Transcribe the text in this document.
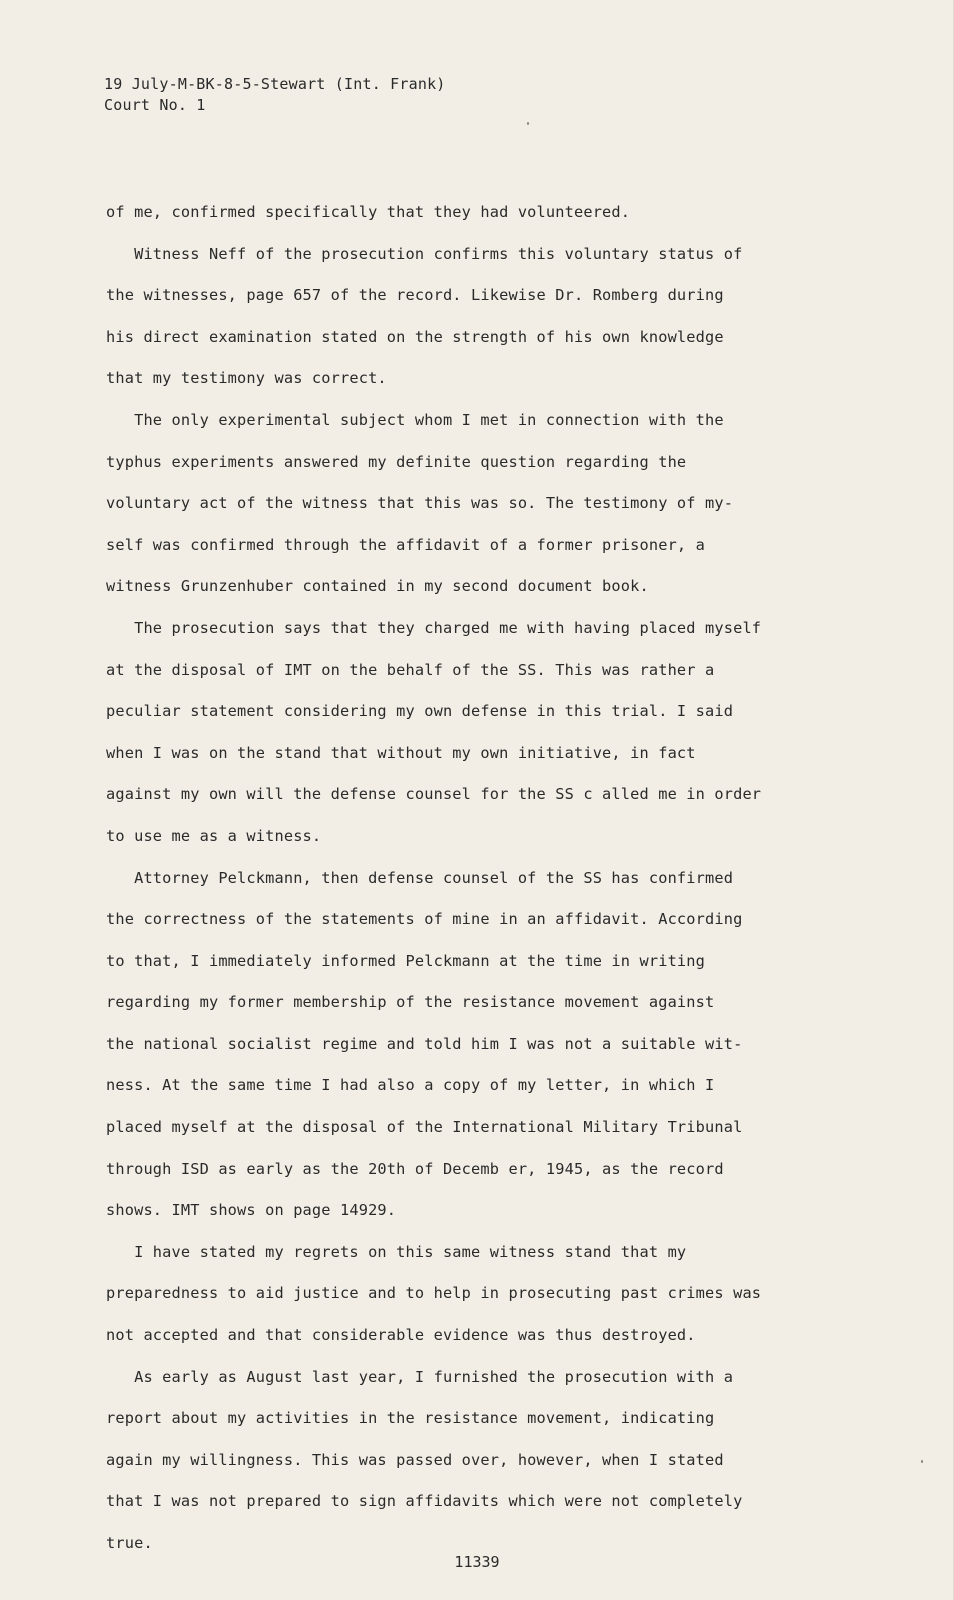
19 July-M-BK-8-5-Stewart (Int. Frank)
Court No. 1
of me, confirmed specifically that they had volunteered.
Witness Neff of the prosecution confirms this voluntary status of
the witnesses, page 657 of the record. Likewise Dr. Romberg during
his direct examination stated on the strength of his own knowledge
that my testimony was correct.
The only experimental subject whom I met in connection with the
typhus experiments answered my definite question regarding the
voluntary act of the witness that this was so. The testimony of my-
self was confirmed through the affidavit of a former prisoner, a
witness Grunzenhuber contained in my second document book.
The prosecution says that they charged me with having placed myself
at the disposal of IMT on the behalf of the SS. This was rather a
peculiar statement considering my own defense in this trial. I said
when I was on the stand that without my own initiative, in fact
against my own will the defense counsel for the SS c alled me in order
to use me as a witness.
Attorney Pelckmann, then defense counsel of the SS has confirmed
the correctness of the statements of mine in an affidavit. According
to that, I immediately informed Pelckmann at the time in writing
regarding my former membership of the resistance movement against
the national socialist regime and told him I was not a suitable wit-
ness. At the same time I had also a copy of my letter, in which I
placed myself at the disposal of the International Military Tribunal
through ISD as early as the 20th of Decemb er, 1945, as the record
shows. IMT shows on page 14929.
I have stated my regrets on this same witness stand that my
preparedness to aid justice and to help in prosecuting past crimes was
not accepted and that considerable evidence was thus destroyed.
As early as August last year, I furnished the prosecution with a
report about my activities in the resistance movement, indicating
again my willingness. This was passed over, however, when I stated
that I was not prepared to sign affidavits which were not completely
true.
11339
